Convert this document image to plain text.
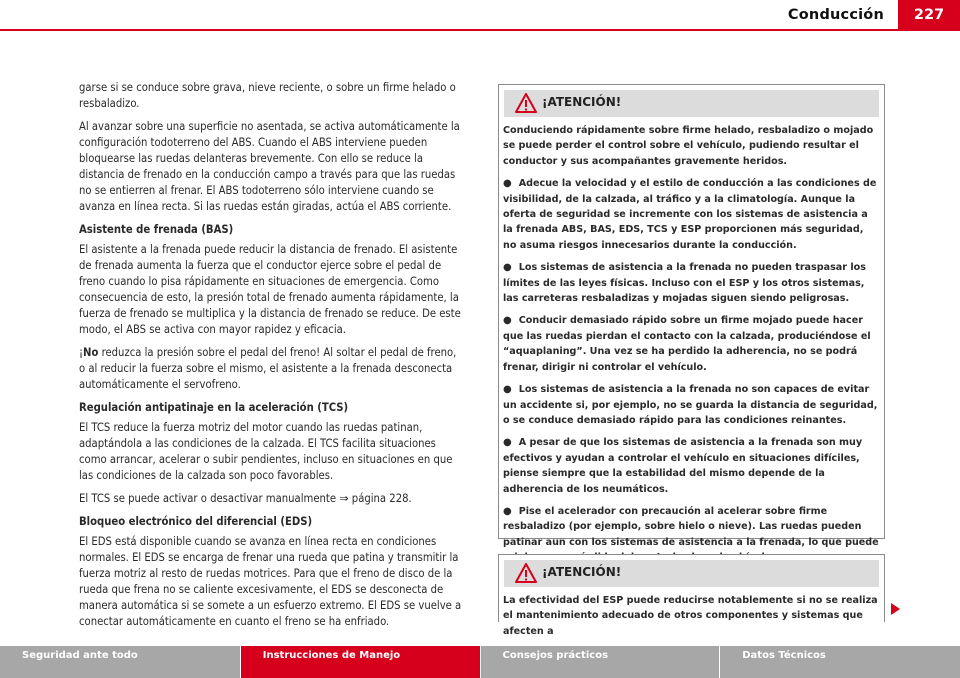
Conducción	227

garse si se conduce sobre grava, nieve reciente, o sobre un firme helado o resbaladizo.

Al avanzar sobre una superficie no asentada, se activa automáticamente la configuración todoterreno del ABS. Cuando el ABS interviene pueden bloquearse las ruedas delanteras brevemente. Con ello se reduce la distancia de frenado en la conducción campo a través para que las ruedas no se entierren al frenar. El ABS todoterreno sólo interviene cuando se avanza en línea recta. Si las ruedas están giradas, actúa el ABS corriente.

Asistente de frenada (BAS)

El asistente a la frenada puede reducir la distancia de frenado. El asistente de frenada aumenta la fuerza que el conductor ejerce sobre el pedal de freno cuando lo pisa rápidamente en situaciones de emergencia. Como consecuencia de esto, la presión total de frenado aumenta rápidamente, la fuerza de frenado se multiplica y la distancia de frenado se reduce. De este modo, el ABS se activa con mayor rapidez y eficacia.

¡No reduzca la presión sobre el pedal del freno! Al soltar el pedal de freno, o al reducir la fuerza sobre el mismo, el asistente a la frenada desconecta automáticamente el servofreno.

Regulación antipatinaje en la aceleración (TCS)

El TCS reduce la fuerza motriz del motor cuando las ruedas patinan, adaptándola a las condiciones de la calzada. El TCS facilita situaciones como arrancar, acelerar o subir pendientes, incluso en situaciones en que las condiciones de la calzada son poco favorables.

El TCS se puede activar o desactivar manualmente ⇒ página 228.

Bloqueo electrónico del diferencial (EDS)

El EDS está disponible cuando se avanza en línea recta en condiciones normales. El EDS se encarga de frenar una rueda que patina y transmitir la fuerza motriz al resto de ruedas motrices. Para que el freno de disco de la rueda que frena no se caliente excesivamente, el EDS se desconecta de manera automática si se somete a un esfuerzo extremo. El EDS se vuelve a conectar automáticamente en cuanto el freno se ha enfriado.

¡ATENCIÓN!

Conduciendo rápidamente sobre firme helado, resbaladizo o mojado se puede perder el control sobre el vehículo, pudiendo resultar el conductor y sus acompañantes gravemente heridos.

● Adecue la velocidad y el estilo de conducción a las condiciones de visibilidad, de la calzada, al tráfico y a la climatología. Aunque la oferta de seguridad se incremente con los sistemas de asistencia a la frenada ABS, BAS, EDS, TCS y ESP proporcionen más seguridad, no asuma riesgos innecesarios durante la conducción.

● Los sistemas de asistencia a la frenada no pueden traspasar los límites de las leyes físicas. Incluso con el ESP y los otros sistemas, las carreteras resbaladizas y mojadas siguen siendo peligrosas.

● Conducir demasiado rápido sobre un firme mojado puede hacer que las ruedas pierdan el contacto con la calzada, produciéndose el “aquaplaning”. Una vez se ha perdido la adherencia, no se podrá frenar, dirigir ni controlar el vehículo.

● Los sistemas de asistencia a la frenada no son capaces de evitar un accidente si, por ejemplo, no se guarda la distancia de seguridad, o se conduce demasiado rápido para las condiciones reinantes.

● A pesar de que los sistemas de asistencia a la frenada son muy efectivos y ayudan a controlar el vehículo en situaciones difíciles, piense siempre que la estabilidad del mismo depende de la adherencia de los neumáticos.

● Pise el acelerador con precaución al acelerar sobre firme resbaladizo (por ejemplo, sobre hielo o nieve). Las ruedas pueden patinar aun con los sistemas de asistencia a la frenada, lo que puede

¡ATENCIÓN!

La efectividad del ESP puede reducirse notablemente si no se realiza el mantenimiento adecuado de otros componentes y sistemas que afecten a

Seguridad ante todo	Instrucciones de Manejo	Consejos prácticos	Datos Técnicos
